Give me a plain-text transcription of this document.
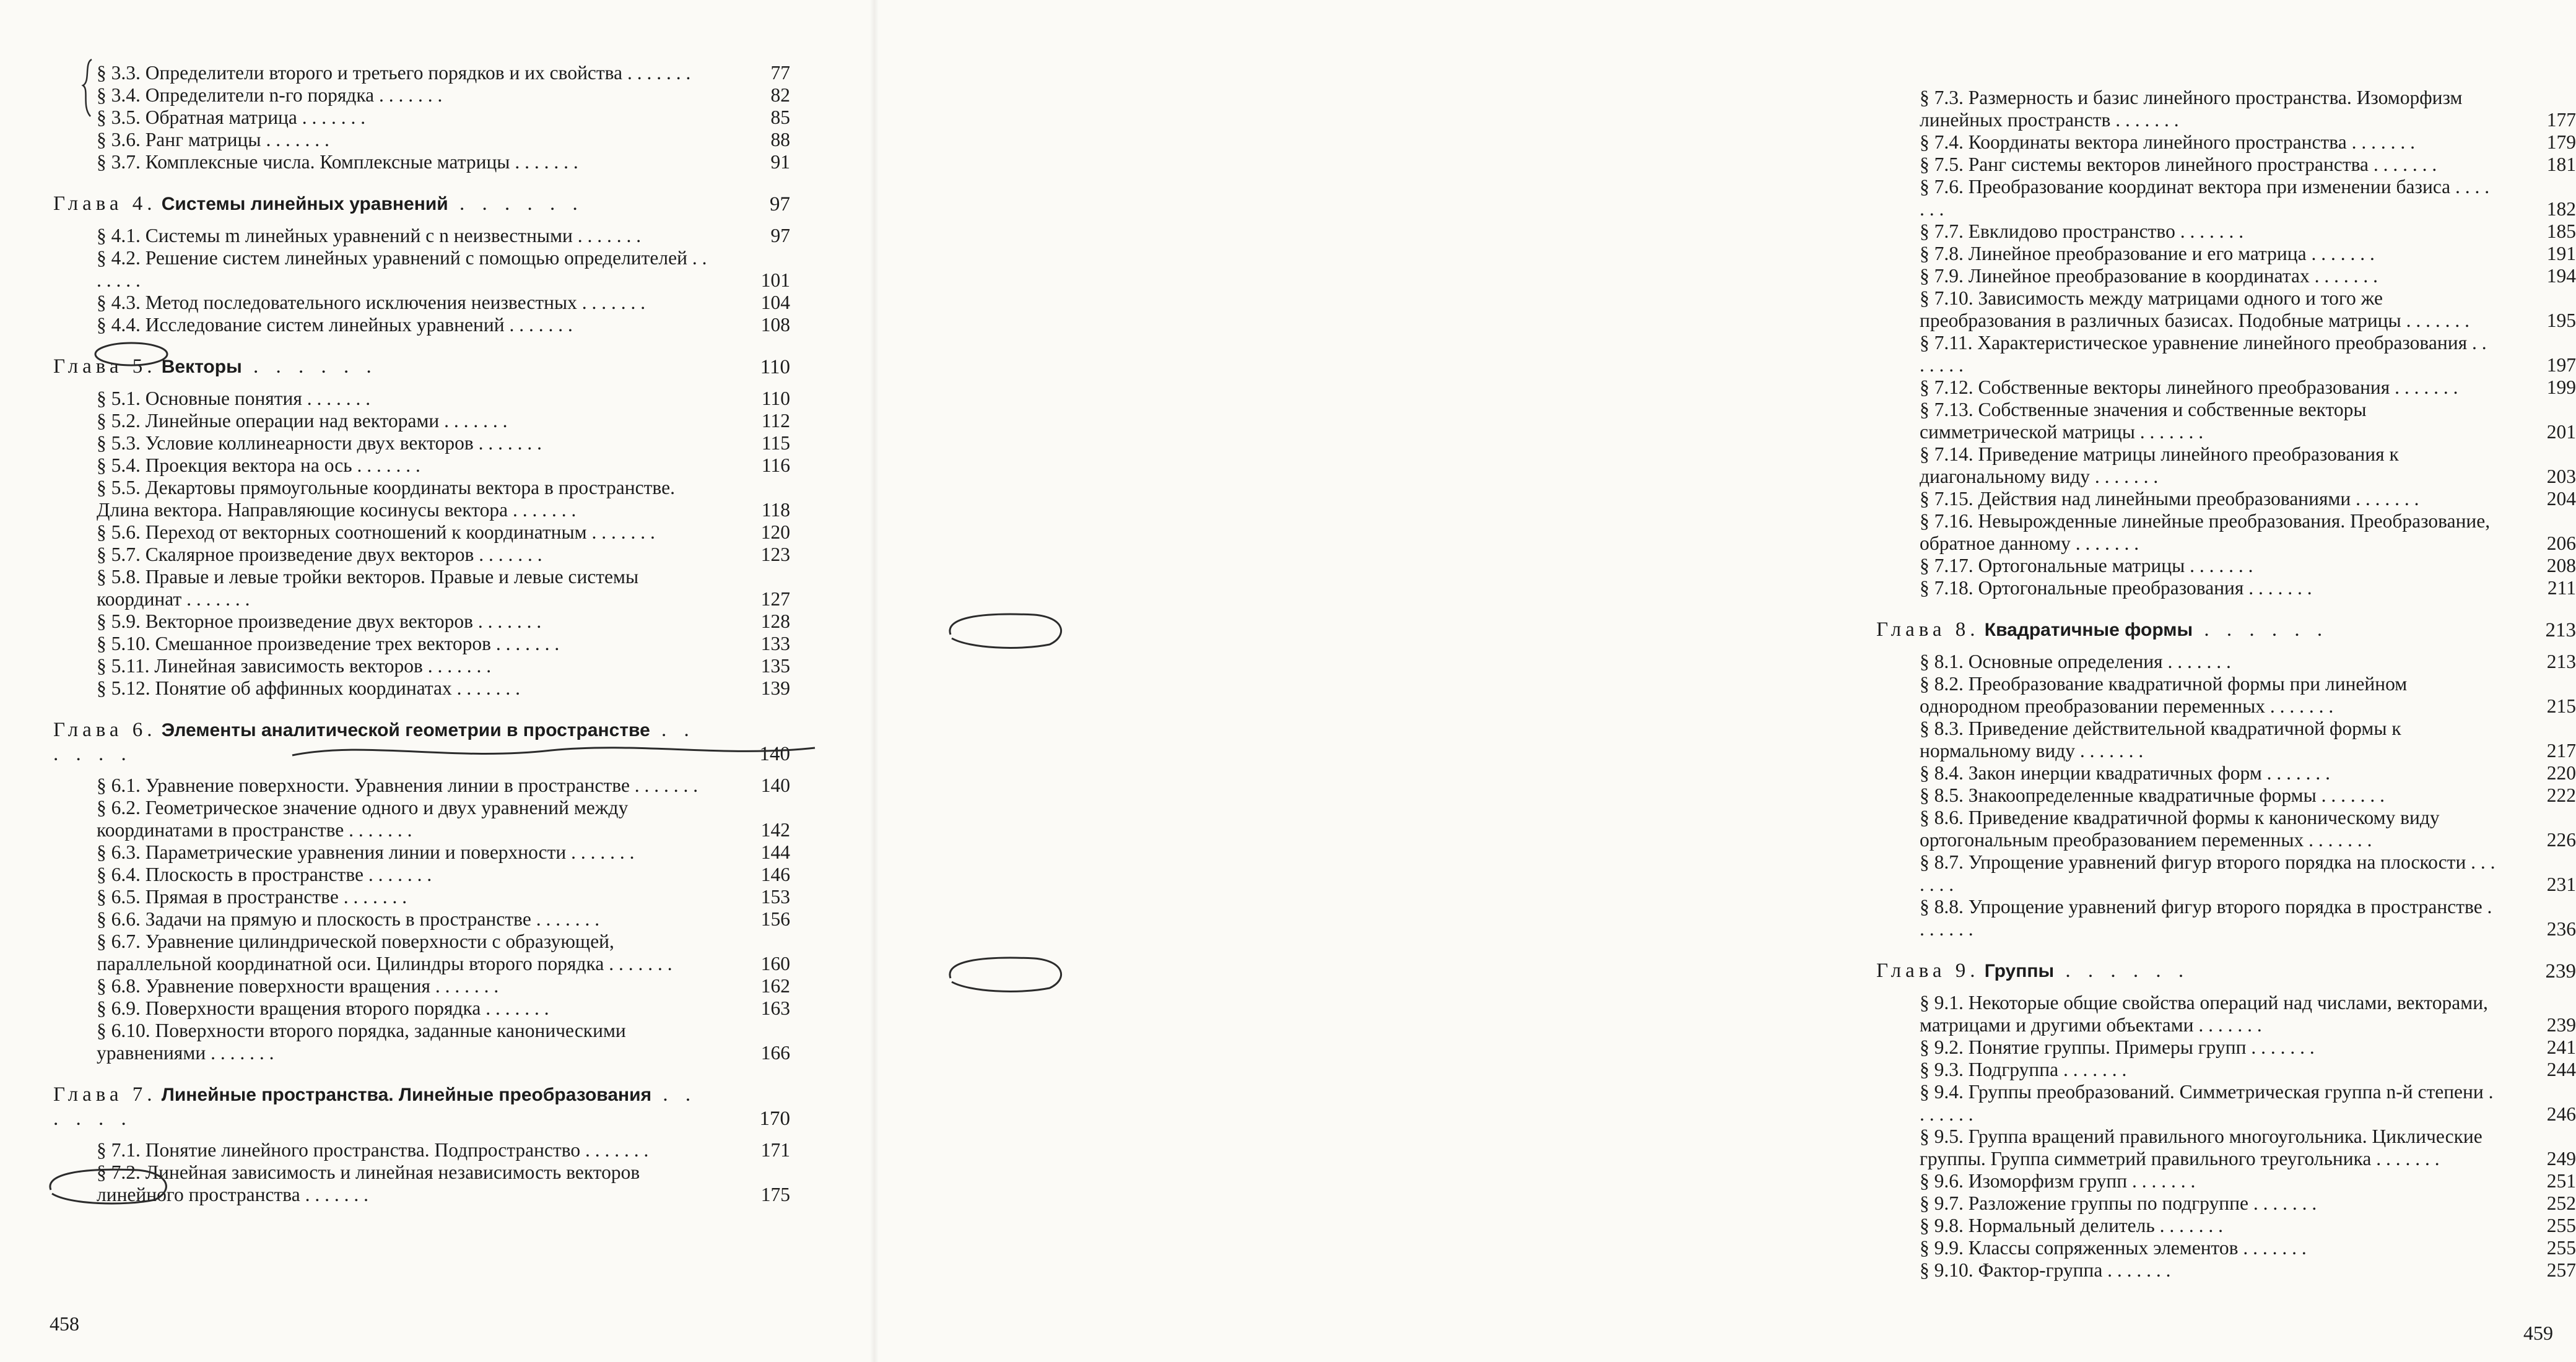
§ 3.3. Определители второго и третьего порядков и их свойства . . . . . . .	77
§ 3.4. Определители n-го порядка . . . . . . .	82
§ 3.5. Обратная матрица . . . . . . .	85
§ 3.6. Ранг матрицы . . . . . . .	88
§ 3.7. Комплексные числа. Комплексные матрицы . . . . . . .	91
Глава 4. Системы линейных уравнений . . . . . .	97
§ 4.1. Системы m линейных уравнений с n неизвестными . . . . . . .	97
§ 4.2. Решение систем линейных уравнений с помощью определителей . . . . . . .	101
§ 4.3. Метод последовательного исключения неизвестных . . . . . . .	104
§ 4.4. Исследование систем линейных уравнений . . . . . . .	108
Глава 5. Векторы . . . . . .	110
§ 5.1. Основные понятия . . . . . . .	110
§ 5.2. Линейные операции над векторами . . . . . . .	112
§ 5.3. Условие коллинеарности двух векторов . . . . . . .	115
§ 5.4. Проекция вектора на ось . . . . . . .	116
§ 5.5. Декартовы прямоугольные координаты вектора в пространстве. Длина вектора. Направляющие косинусы вектора . . . . . . .	118
§ 5.6. Переход от векторных соотношений к координатным . . . . . . .	120
§ 5.7. Скалярное произведение двух векторов . . . . . . .	123
§ 5.8. Правые и левые тройки векторов. Правые и левые системы координат . . . . . . .	127
§ 5.9. Векторное произведение двух векторов . . . . . . .	128
§ 5.10. Смешанное произведение трех векторов . . . . . . .	133
§ 5.11. Линейная зависимость векторов . . . . . . .	135
§ 5.12. Понятие об аффинных координатах . . . . . . .	139
Глава 6. Элементы аналитической геометрии в пространстве . . . . . .	140
§ 6.1. Уравнение поверхности. Уравнения линии в пространстве . . . . . . .	140
§ 6.2. Геометрическое значение одного и двух уравнений между координатами в пространстве . . . . . . .	142
§ 6.3. Параметрические уравнения линии и поверхности . . . . . . .	144
§ 6.4. Плоскость в пространстве . . . . . . .	146
§ 6.5. Прямая в пространстве . . . . . . .	153
§ 6.6. Задачи на прямую и плоскость в пространстве . . . . . . .	156
§ 6.7. Уравнение цилиндрической поверхности с образующей, параллельной координатной оси. Цилиндры второго порядка . . . . . . .	160
§ 6.8. Уравнение поверхности вращения . . . . . . .	162
§ 6.9. Поверхности вращения второго порядка . . . . . . .	163
§ 6.10. Поверхности второго порядка, заданные каноническими уравнениями . . . . . . .	166
Глава 7. Линейные пространства. Линейные преобразования . . . . . .	170
§ 7.1. Понятие линейного пространства. Подпространство . . . . . . .	171
§ 7.2. Линейная зависимость и линейная независимость векторов линейного пространства . . . . . . .	175
458
§ 7.3. Размерность и базис линейного пространства. Изоморфизм линейных пространств . . . . . . .	177
§ 7.4. Координаты вектора линейного пространства . . . . . . .	179
§ 7.5. Ранг системы векторов линейного пространства . . . . . . .	181
§ 7.6. Преобразование координат вектора при изменении базиса . . . . . . .	182
§ 7.7. Евклидово пространство . . . . . . .	185
§ 7.8. Линейное преобразование и его матрица . . . . . . .	191
§ 7.9. Линейное преобразование в координатах . . . . . . .	194
§ 7.10. Зависимость между матрицами одного и того же преобразования в различных базисах. Подобные матрицы . . . . . . .	195
§ 7.11. Характеристическое уравнение линейного преобразования . . . . . . .	197
§ 7.12. Собственные векторы линейного преобразования . . . . . . .	199
§ 7.13. Собственные значения и собственные векторы симметрической матрицы . . . . . . .	201
§ 7.14. Приведение матрицы линейного преобразования к диагональному виду . . . . . . .	203
§ 7.15. Действия над линейными преобразованиями . . . . . . .	204
§ 7.16. Невырожденные линейные преобразования. Преобразование, обратное данному . . . . . . .	206
§ 7.17. Ортогональные матрицы . . . . . . .	208
§ 7.18. Ортогональные преобразования . . . . . . .	211
Глава 8. Квадратичные формы . . . . . .	213
§ 8.1. Основные определения . . . . . . .	213
§ 8.2. Преобразование квадратичной формы при линейном однородном преобразовании переменных . . . . . . .	215
§ 8.3. Приведение действительной квадратичной формы к нормальному виду . . . . . . .	217
§ 8.4. Закон инерции квадратичных форм . . . . . . .	220
§ 8.5. Знакоопределенные квадратичные формы . . . . . . .	222
§ 8.6. Приведение квадратичной формы к каноническому виду ортогональным преобразованием переменных . . . . . . .	226
§ 8.7. Упрощение уравнений фигур второго порядка на плоскости . . . . . . .	231
§ 8.8. Упрощение уравнений фигур второго порядка в пространстве . . . . . . .	236
Глава 9. Группы . . . . . .	239
§ 9.1. Некоторые общие свойства операций над числами, векторами, матрицами и другими объектами . . . . . . .	239
§ 9.2. Понятие группы. Примеры групп . . . . . . .	241
§ 9.3. Подгруппа . . . . . . .	244
§ 9.4. Группы преобразований. Симметрическая группа n-й степени . . . . . . .	246
§ 9.5. Группа вращений правильного многоугольника. Циклические группы. Группа симметрий правильного треугольника . . . . . . .	249
§ 9.6. Изоморфизм групп . . . . . . .	251
§ 9.7. Разложение группы по подгруппе . . . . . . .	252
§ 9.8. Нормальный делитель . . . . . . .	255
§ 9.9. Классы сопряженных элементов . . . . . . .	255
§ 9.10. Фактор-группа . . . . . . .	257
459
